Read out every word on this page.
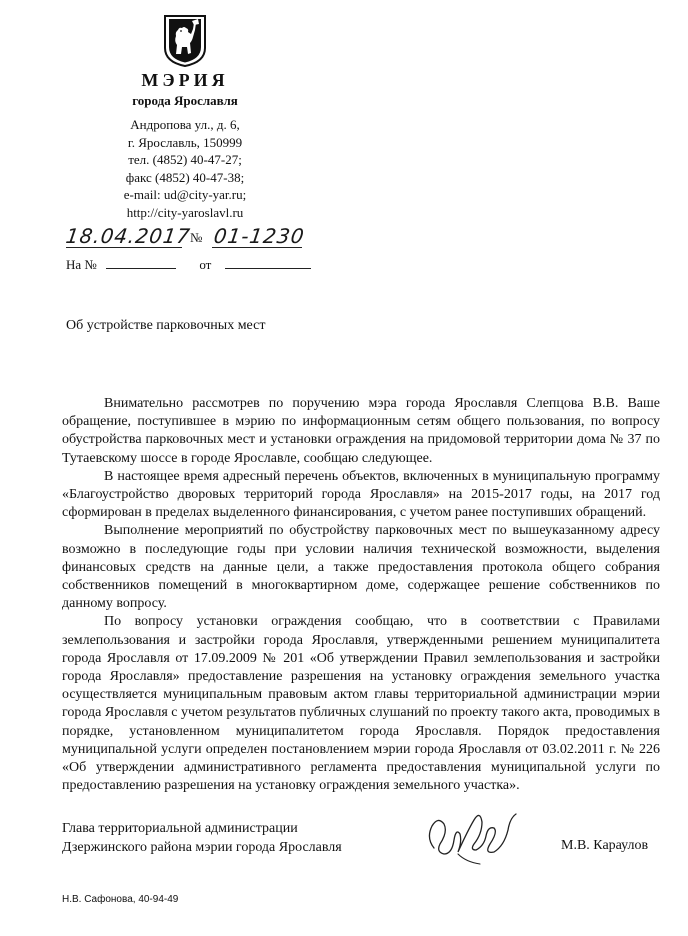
МЭРИЯ
города Ярославля
Андропова ул., д. 6,
г. Ярославль, 150999
тел. (4852) 40-47-27;
факс (4852) 40-47-38;
e-mail: ud@city-yar.ru;
http://city-yaroslavl.ru
18.04.2017
№ 01-1230
На №	от
Об устройстве парковочных мест

Внимательно рассмотрев по поручению мэра города Ярославля Слепцова В.В. Ваше обращение, поступившее в мэрию по информационным сетям общего пользования, по вопросу обустройства парковочных мест и установки ограждения на придомовой территории дома № 37 по Тутаевскому шоссе в городе Ярославле, сообщаю следующее.

В настоящее время адресный перечень объектов, включенных в муниципальную программу «Благоустройство дворовых территорий города Ярославля» на 2015-2017 годы, на 2017 год сформирован в пределах выделенного финансирования, с учетом ранее поступивших обращений.

Выполнение мероприятий по обустройству парковочных мест по вышеуказанному адресу возможно в последующие годы при условии наличия технической возможности, выделения финансовых средств на данные цели, а также предоставления протокола общего собрания собственников помещений в многоквартирном доме, содержащее решение собственников по данному вопросу.

По вопросу установки ограждения сообщаю, что в соответствии с Правилами землепользования и застройки города Ярославля, утвержденными решением муниципалитета города Ярославля от 17.09.2009 № 201 «Об утверждении Правил землепользования и застройки города Ярославля» предоставление разрешения на установку ограждения земельного участка осуществляется муниципальным правовым актом главы территориальной администрации мэрии города Ярославля с учетом результатов публичных слушаний по проекту такого акта, проводимых в порядке, установленном муниципалитетом города Ярославля. Порядок предоставления муниципальной услуги определен постановлением мэрии города Ярославля от 03.02.2011 г. № 226 «Об утверждении административного регламента предоставления муниципальной услуги по предоставлению разрешения на установку ограждения земельного участка».

Глава территориальной администрации
Дзержинского района мэрии города Ярославля	М.В. Караулов
Н.В. Сафонова, 40-94-49
